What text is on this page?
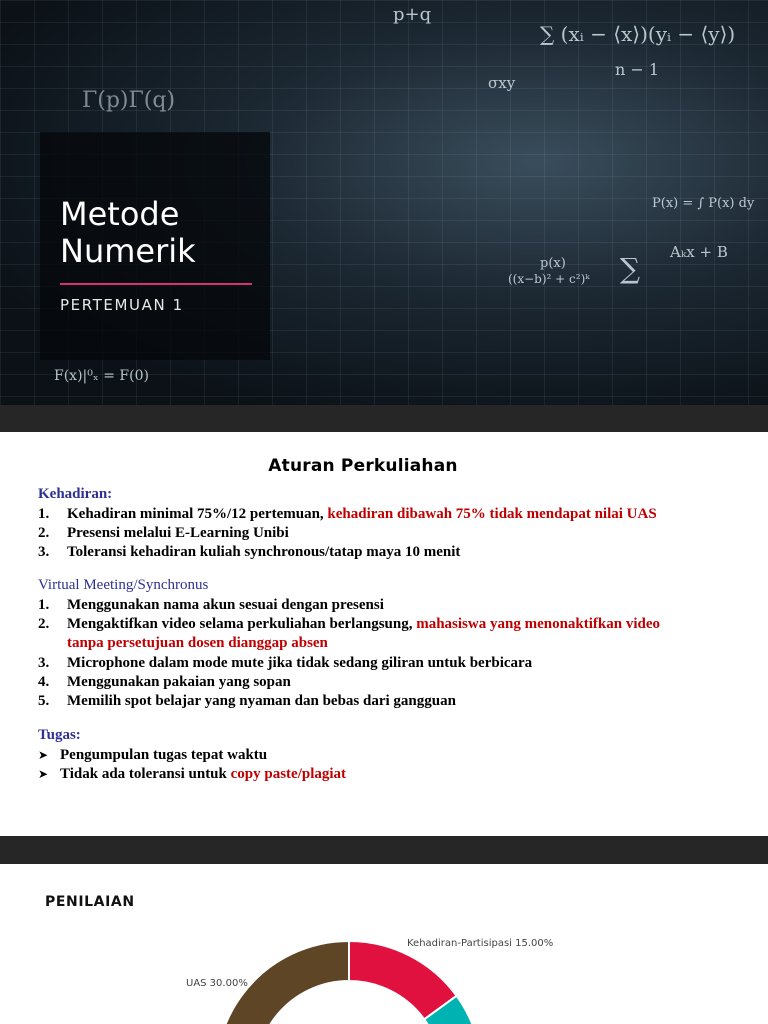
p+q
∑ (xᵢ − ⟨x⟩)(yᵢ − ⟨y⟩)
n − 1
σxy
P(x) = ∫ P(x) dy
Aₖx + B
∑
((x−b)² + c²)ᵏ
p(x)
F(x)|⁰ₓ = F(0)
Γ(p)Γ(q)
Metode
Numerik
PERTEMUAN 1
Aturan Perkuliahan
Kehadiran:
1.	Kehadiran minimal 75%/12 pertemuan, kehadiran dibawah 75% tidak mendapat nilai UAS
2.	Presensi melalui E-Learning Unibi
3.	Toleransi kehadiran kuliah synchronous/tatap maya 10 menit
Virtual Meeting/Synchronus
1.	Menggunakan nama akun sesuai dengan presensi
2.	Mengaktifkan video selama perkuliahan berlangsung, mahasiswa yang menonaktifkan video
tanpa persetujuan dosen dianggap absen
3.	Microphone dalam mode mute jika tidak sedang giliran untuk berbicara
4.	Menggunakan pakaian yang sopan
5.	Memilih spot belajar yang nyaman dan bebas dari gangguan
Tugas:
➤ Pengumpulan tugas tepat waktu
➤ Tidak ada toleransi untuk copy paste/plagiat
PENILAIAN
Kehadiran-Partisipasi 15.00%
UAS 30.00%
